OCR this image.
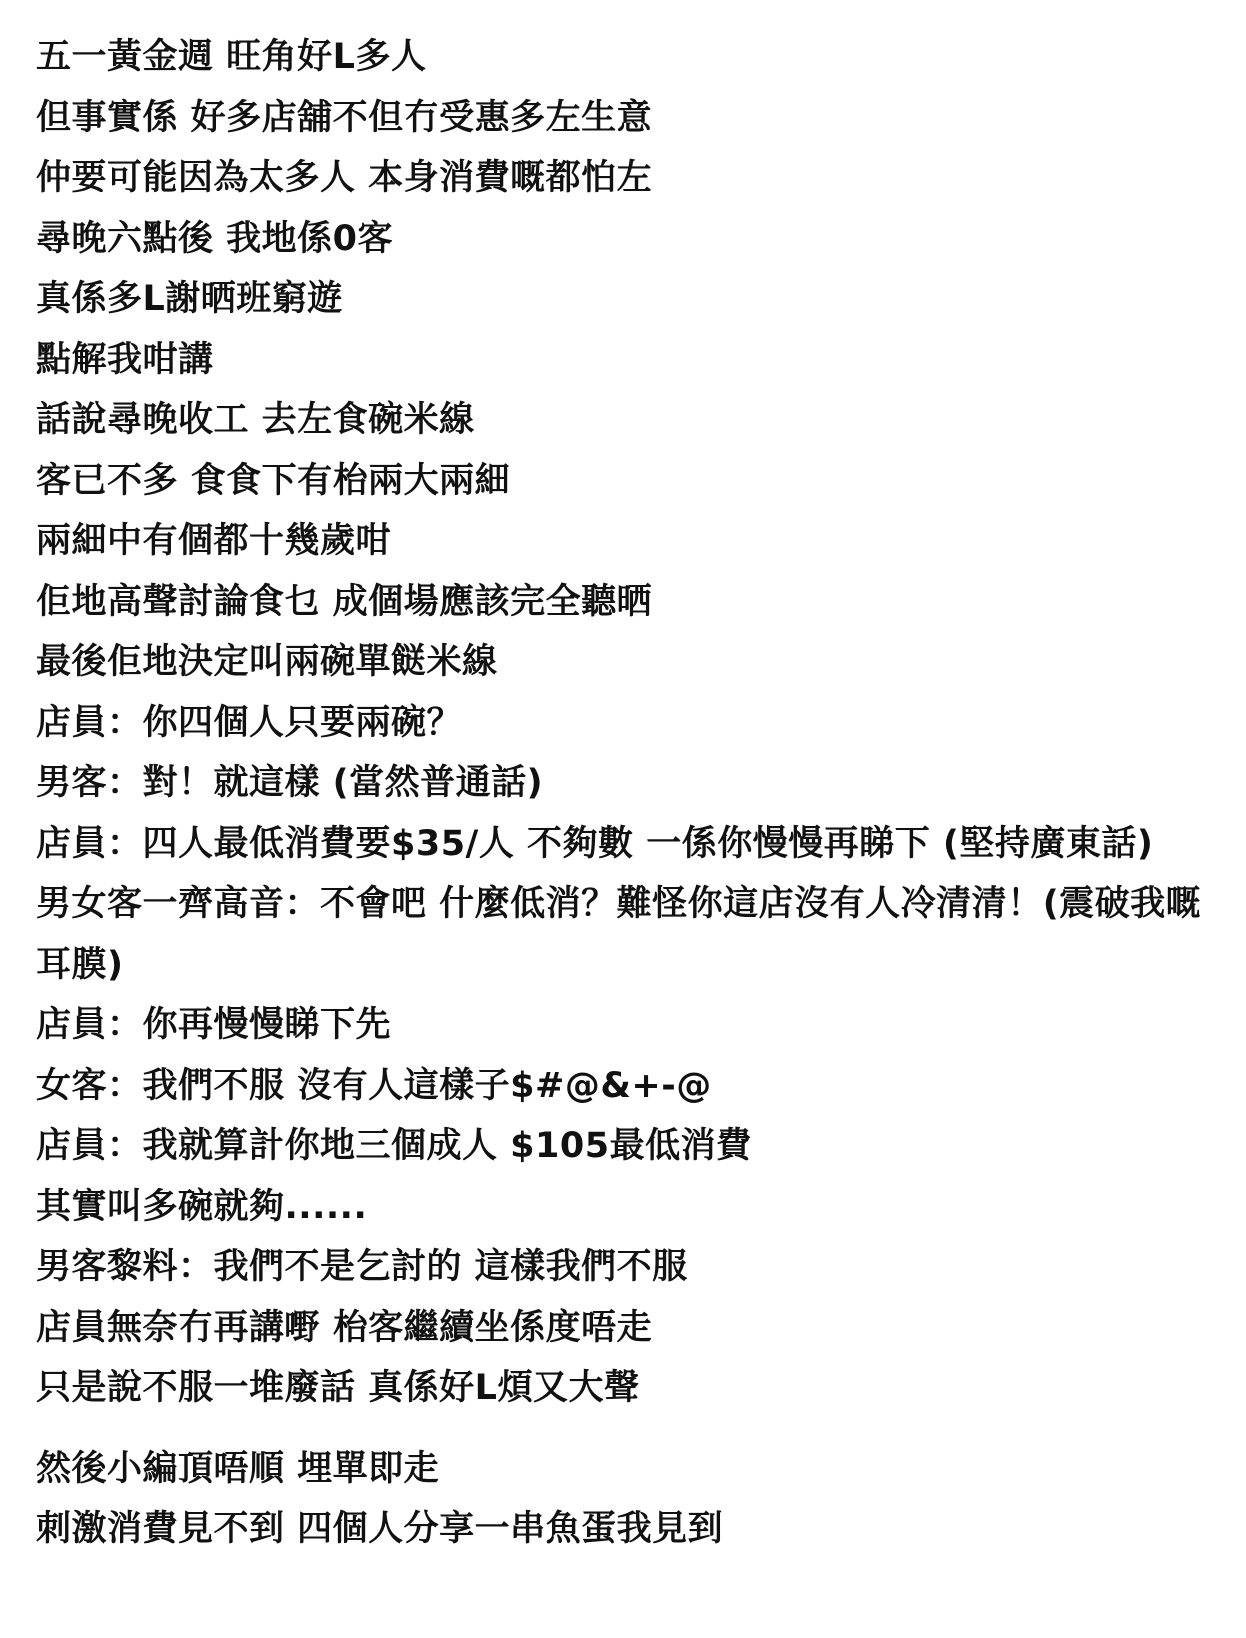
五一黃金週 旺角好L多人
但事實係 好多店舖不但冇受惠多左生意
仲要可能因為太多人 本身消費嘅都怕左
尋晚六點後 我地係0客
真係多L謝晒班窮遊
點解我咁講
話說尋晚收工 去左食碗米線
客已不多 食食下有枱兩大兩細
兩細中有個都十幾歲咁
佢地高聲討論食乜 成個場應該完全聽晒
最後佢地決定叫兩碗單餸米線
店員：你四個人只要兩碗？
男客：對！就這樣 (當然普通話)
店員：四人最低消費要$35/人 不夠數 一係你慢慢再睇下 (堅持廣東話)
男女客一齊高音：不會吧 什麼低消？難怪你這店沒有人冷清清！(震破我嘅耳膜)
店員：你再慢慢睇下先
女客：我們不服 沒有人這樣子$#@&+-@
店員：我就算計你地三個成人 $105最低消費
其實叫多碗就夠......
男客黎料：我們不是乞討的 這樣我們不服
店員無奈冇再講嘢 枱客繼續坐係度唔走
只是說不服一堆廢話 真係好L煩又大聲
然後小編頂唔順 埋單即走
刺激消費見不到 四個人分享一串魚蛋我見到
